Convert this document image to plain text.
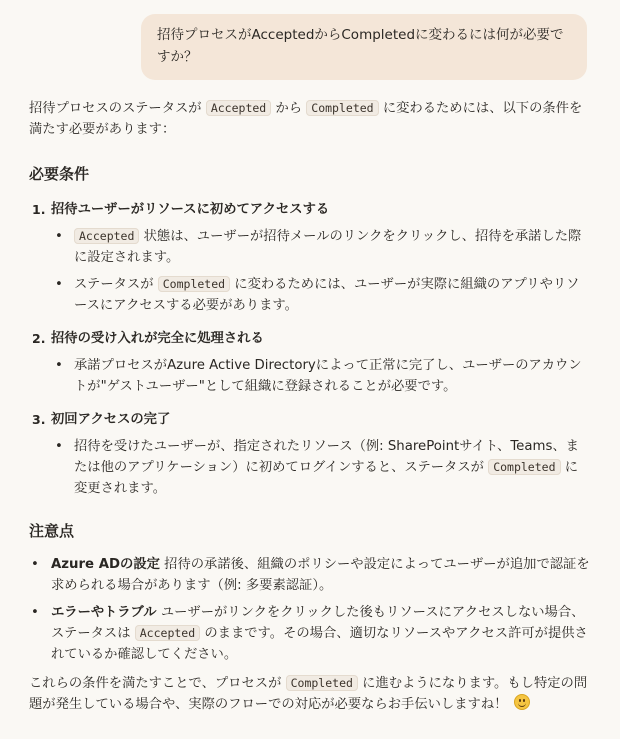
招待プロセスがAcceptedからCompletedに変わるには何が必要ですか？

招待プロセスのステータスが Accepted から Completed に変わるためには、以下の条件を満たす必要があります：

必要条件
1. 招待ユーザーがリソースに初めてアクセスする
• Accepted 状態は、ユーザーが招待メールのリンクをクリックし、招待を承諾した際に設定されます。
• ステータスが Completed に変わるためには、ユーザーが実際に組織のアプリやリソースにアクセスする必要があります。
2. 招待の受け入れが完全に処理される
• 承諾プロセスがAzure Active Directoryによって正常に完了し、ユーザーのアカウントが"ゲストユーザー"として組織に登録されることが必要です。
3. 初回アクセスの完了
• 招待を受けたユーザーが、指定されたリソース（例: SharePointサイト、Teams、または他のアプリケーション）に初めてログインすると、ステータスが Completed に変更されます。
注意点
• Azure ADの設定 招待の承諾後、組織のポリシーや設定によってユーザーが追加で認証を求められる場合があります（例: 多要素認証）。
• エラーやトラブル ユーザーがリンクをクリックした後もリソースにアクセスしない場合、ステータスは Accepted のままです。その場合、適切なリソースやアクセス許可が提供されているか確認してください。

これらの条件を満たすことで、プロセスが Completed に進むようになります。もし特定の問題が発生している場合や、実際のフローでの対応が必要ならお手伝いしますね！
